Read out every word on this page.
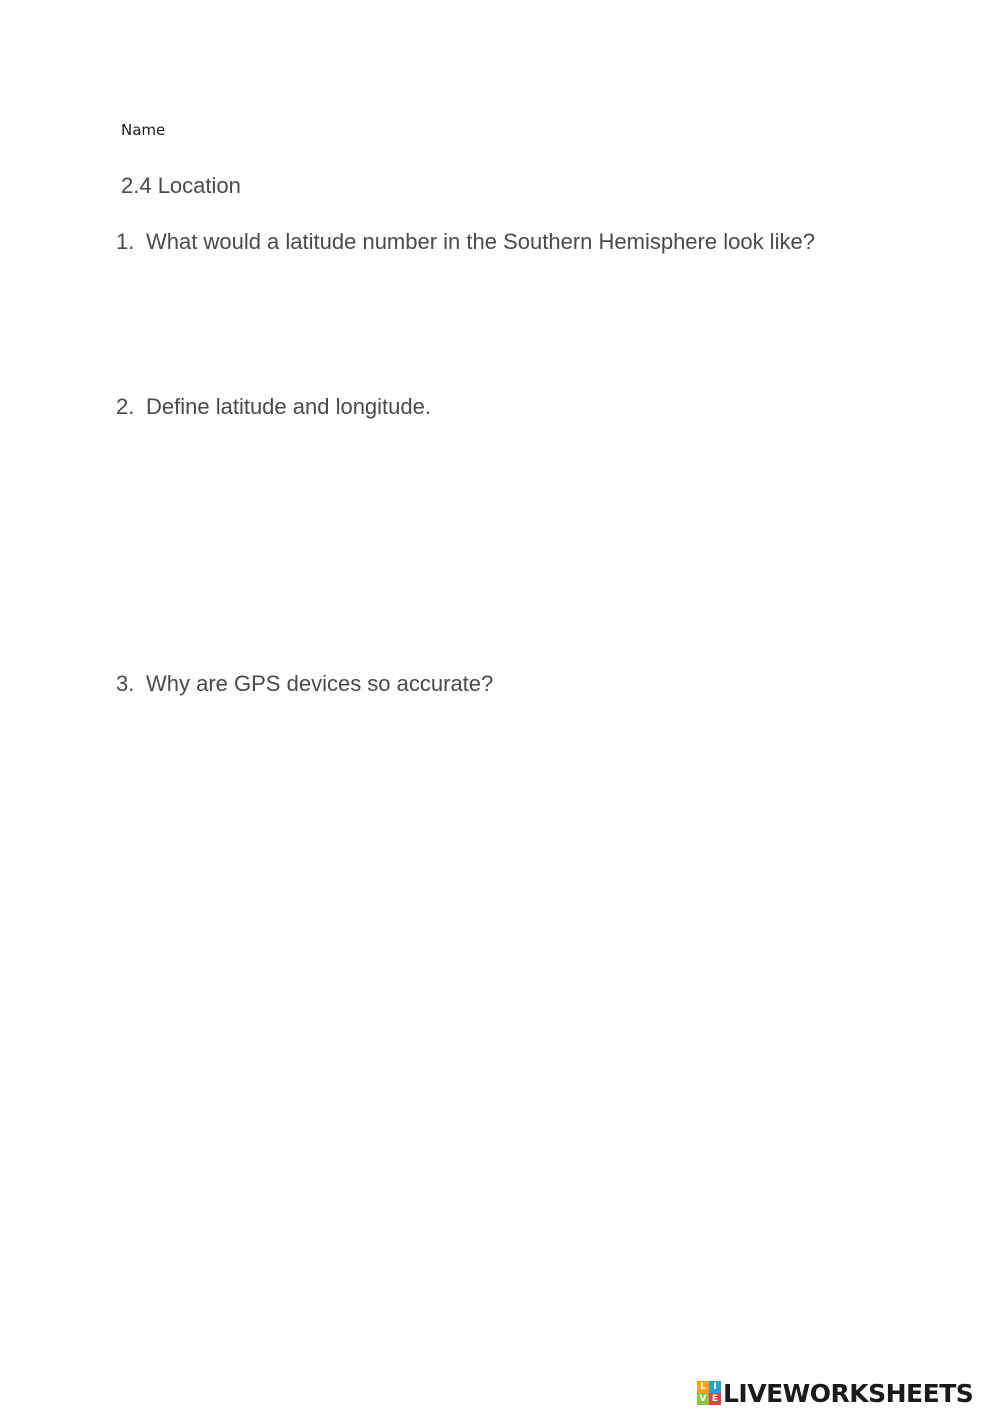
Name
2.4 Location
1. What would a latitude number in the Southern Hemisphere look like?
2. Define latitude and longitude.
3. Why are GPS devices so accurate?
L I
V E LIVEWORKSHEETS
